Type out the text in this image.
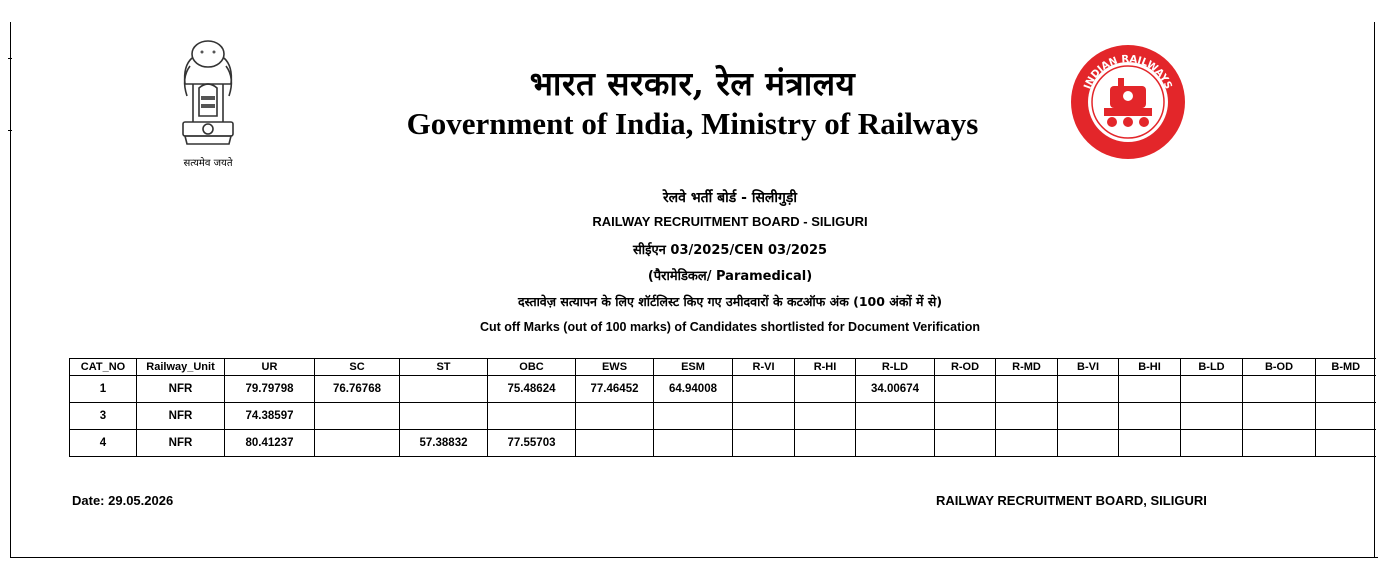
सत्यमेव जयते
भारत सरकार, रेल मंत्रालय
Government of India, Ministry of Railways
INDIAN RAILWAYS
रेलवे भर्ती बोर्ड - सिलीगुड़ी
RAILWAY RECRUITMENT BOARD - SILIGURI
सीईएन 03/2025/CEN 03/2025
(पैरामेडिकल/ Paramedical)
दस्तावेज़ सत्यापन के लिए शॉर्टलिस्ट किए गए उमीदवारों के कटऑफ अंक (100 अंकों में से)
Cut off Marks (out of 100 marks) of Candidates shortlisted for Document Verification
CAT_NO	Railway_Unit	UR	SC	ST	OBC	EWS	ESM	R-VI	R-HI	R-LD	R-OD	R-MD	B-VI	B-HI	B-LD	B-OD	B-MD
1	NFR	79.79798	76.76768		75.48624	77.46452	64.94008			34.00674							
3	NFR	74.38597															
4	NFR	80.41237		57.38832	77.55703												
Date: 29.05.2026	RAILWAY RECRUITMENT BOARD, SILIGURI
